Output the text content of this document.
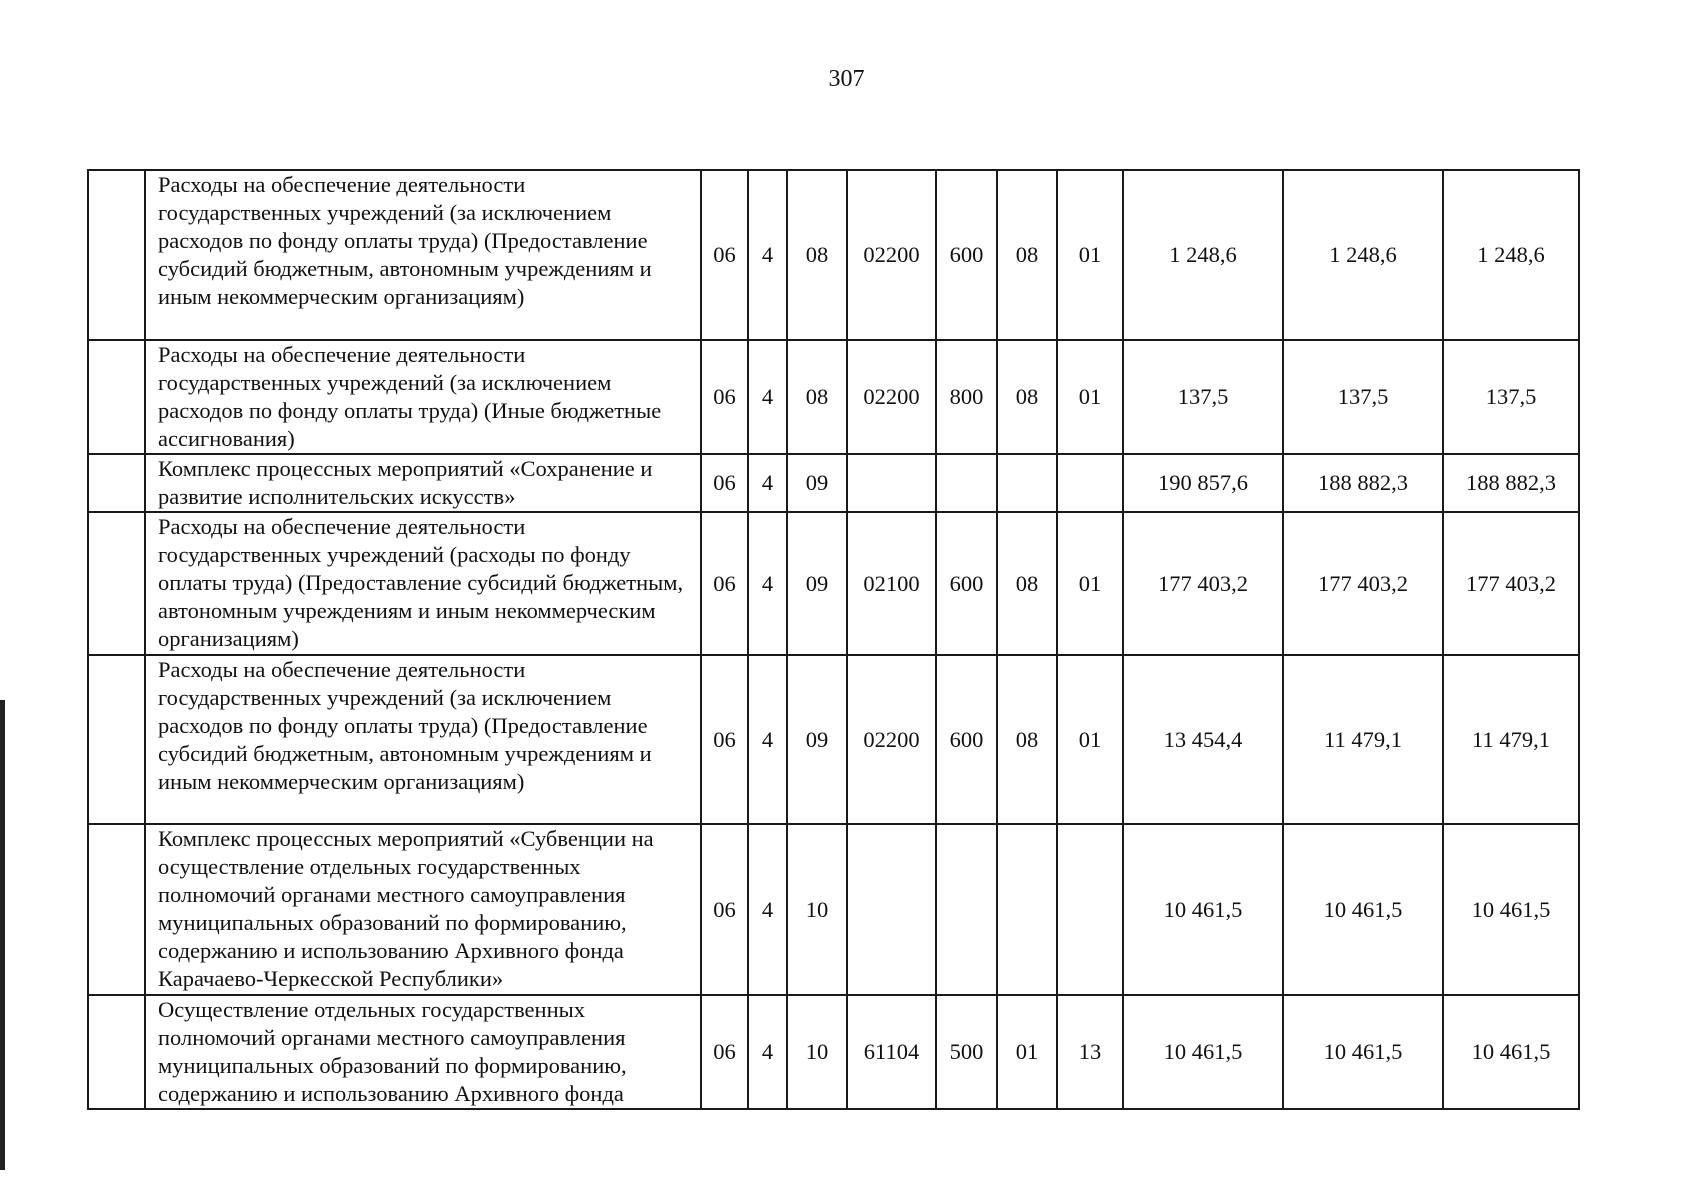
307
	Расходы на обеспечение деятельности государственных учреждений (за исключением расходов по фонду оплаты труда) (Предоставление субсидий бюджетным, автономным учреждениям и иным некоммерческим организациям)	06	4	08	02200	600	08	01	1 248,6	1 248,6	1 248,6
	Расходы на обеспечение деятельности государственных учреждений (за исключением расходов по фонду оплаты труда) (Иные бюджетные ассигнования)	06	4	08	02200	800	08	01	137,5	137,5	137,5
	Комплекс процессных мероприятий «Сохранение и развитие исполнительских искусств»	06	4	09					190 857,6	188 882,3	188 882,3
	Расходы на обеспечение деятельности государственных учреждений (расходы по фонду оплаты труда) (Предоставление субсидий бюджетным, автономным учреждениям и иным некоммерческим организациям)	06	4	09	02100	600	08	01	177 403,2	177 403,2	177 403,2
	Расходы на обеспечение деятельности государственных учреждений (за исключением расходов по фонду оплаты труда) (Предоставление субсидий бюджетным, автономным учреждениям и иным некоммерческим организациям)	06	4	09	02200	600	08	01	13 454,4	11 479,1	11 479,1
	Комплекс процессных мероприятий «Субвенции на осуществление отдельных государственных полномочий органами местного самоуправления муниципальных образований по формированию, содержанию и использованию Архивного фонда Карачаево-Черкесской Республики»	06	4	10					10 461,5	10 461,5	10 461,5
	Осуществление отдельных государственных полномочий органами местного самоуправления муниципальных образований по формированию, содержанию и использованию Архивного фонда	06	4	10	61104	500	01	13	10 461,5	10 461,5	10 461,5
